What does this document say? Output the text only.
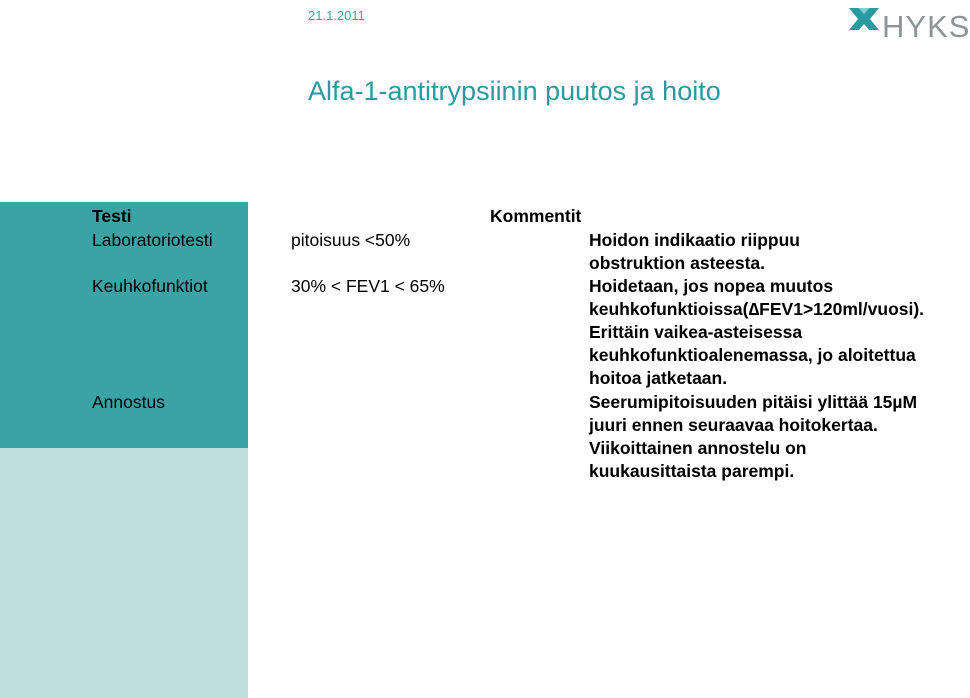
21.1.2011	HYKS
Alfa-1-antitrypsiinin puutos ja hoito
Testi	Kommentit
Laboratoriotesti
Keuhkofunktiot
Annostus
pitoisuus <50%
30% < FEV1 < 65%
Hoidon indikaatio riippuu
obstruktion asteesta.
Hoidetaan, jos nopea muutos
keuhkofunktioissa(∆FEV1>120ml/vuosi).
Erittäin vaikea-asteisessa
keuhkofunktioalenemassa, jo aloitettua
hoitoa jatketaan.
Seerumipitoisuuden pitäisi ylittää 15µM
juuri ennen seuraavaa hoitokertaa.
Viikoittainen annostelu on
kuukausittaista parempi.
